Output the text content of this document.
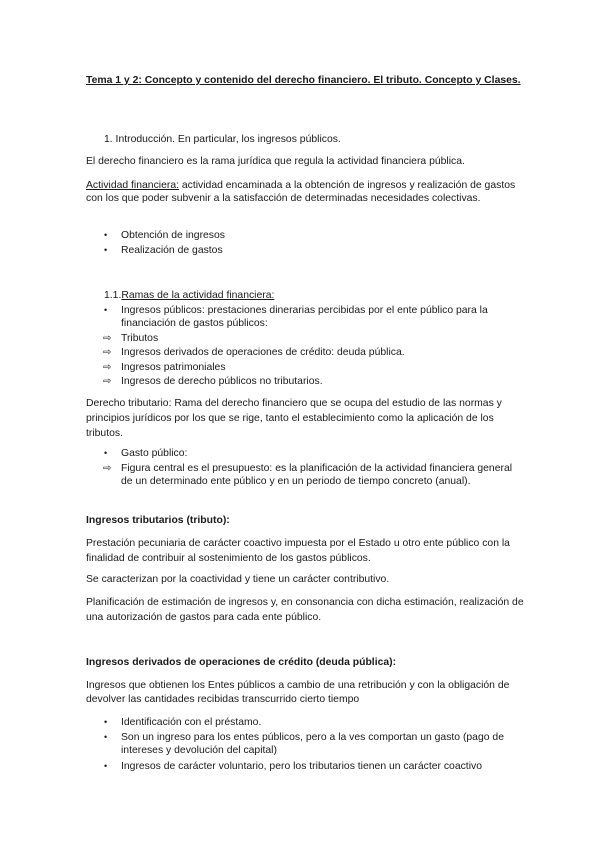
Tema 1 y 2: Concepto y contenido del derecho financiero. El tributo. Concepto y Clases.
1. Introducción. En particular, los ingresos públicos.
El derecho financiero es la rama jurídica que regula la actividad financiera pública.
Actividad financiera: actividad encaminada a la obtención de ingresos y realización de gastos con los que poder subvenir a la satisfacción de determinadas necesidades colectivas.
•	Obtención de ingresos
•	Realización de gastos
1.1.Ramas de la actividad financiera:
•	Ingresos públicos: prestaciones dinerarias percibidas por el ente público para la financiación de gastos públicos:
⇨ Tributos
⇨ Ingresos derivados de operaciones de crédito: deuda pública.
⇨ Ingresos patrimoniales
⇨ Ingresos de derecho públicos no tributarios.
Derecho tributario: Rama del derecho financiero que se ocupa del estudio de las normas y principios jurídicos por los que se rige, tanto el establecimiento como la aplicación de los tributos.
•	Gasto público:
⇨ Figura central es el presupuesto: es la planificación de la actividad financiera general de un determinado ente público y en un periodo de tiempo concreto (anual).
Ingresos tributarios (tributo):
Prestación pecuniaria de carácter coactivo impuesta por el Estado u otro ente público con la finalidad de contribuir al sostenimiento de los gastos públicos.
Se caracterizan por la coactividad y tiene un carácter contributivo.
Planificación de estimación de ingresos y, en consonancia con dicha estimación, realización de una autorización de gastos para cada ente público.
Ingresos derivados de operaciones de crédito (deuda pública):
Ingresos que obtienen los Entes públicos a cambio de una retribución y con la obligación de devolver las cantidades recibidas transcurrido cierto tiempo
•	Identificación con el préstamo.
•	Son un ingreso para los entes públicos, pero a la ves comportan un gasto (pago de intereses y devolución del capital)
•	Ingresos de carácter voluntario, pero los tributarios tienen un carácter coactivo
